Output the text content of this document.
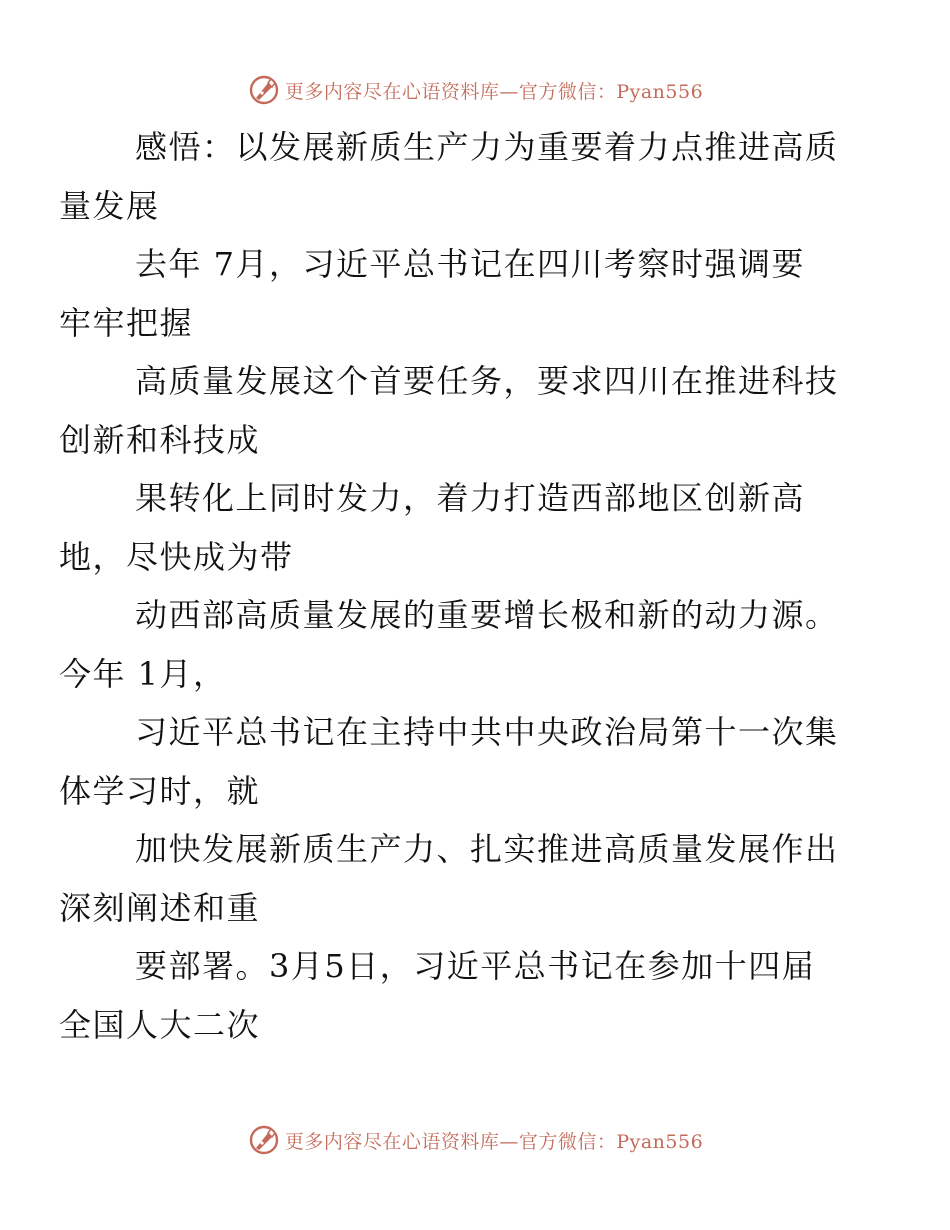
更多内容尽在心语资料库—官方微信：Pyan556

感悟：以发展新质生产力为重要着力点推进高质
量发展

去年 7月，习近平总书记在四川考察时强调要
牢牢把握

高质量发展这个首要任务，要求四川在推进科技
创新和科技成

果转化上同时发力，着力打造西部地区创新高
地，尽快成为带

动西部高质量发展的重要增长极和新的动力源。
今年 1月，

习近平总书记在主持中共中央政治局第十一次集
体学习时，就

加快发展新质生产力、扎实推进高质量发展作出
深刻阐述和重

要部署。3月5日，习近平总书记在参加十四届
全国人大二次

更多内容尽在心语资料库—官方微信：Pyan556
